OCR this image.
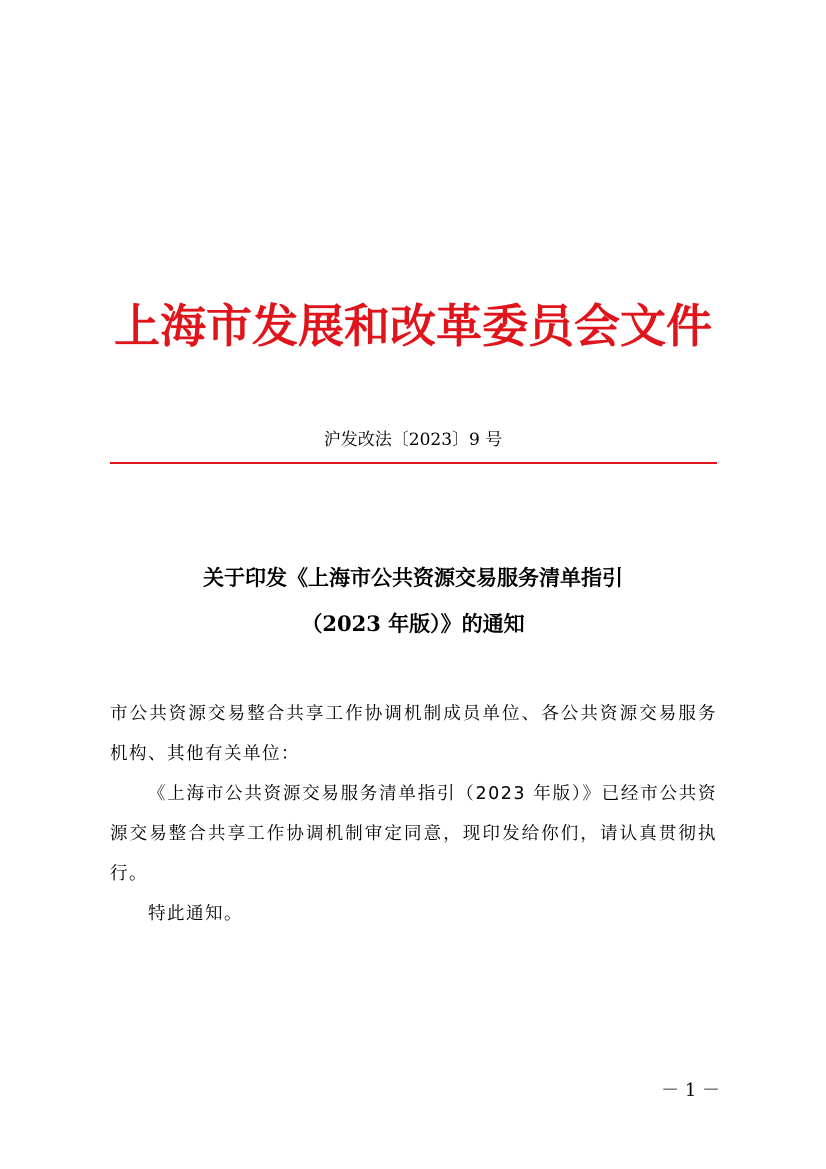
上海市发展和改革委员会文件
沪发改法〔2023〕9 号
关于印发《上海市公共资源交易服务清单指引
（2023 年版）》的通知

市公共资源交易整合共享工作协调机制成员单位、各公共资源交易服务机构、其他有关单位：

《上海市公共资源交易服务清单指引（2023 年版）》已经市公共资源交易整合共享工作协调机制审定同意，现印发给你们，请认真贯彻执行。

特此通知。

－ 1 －
